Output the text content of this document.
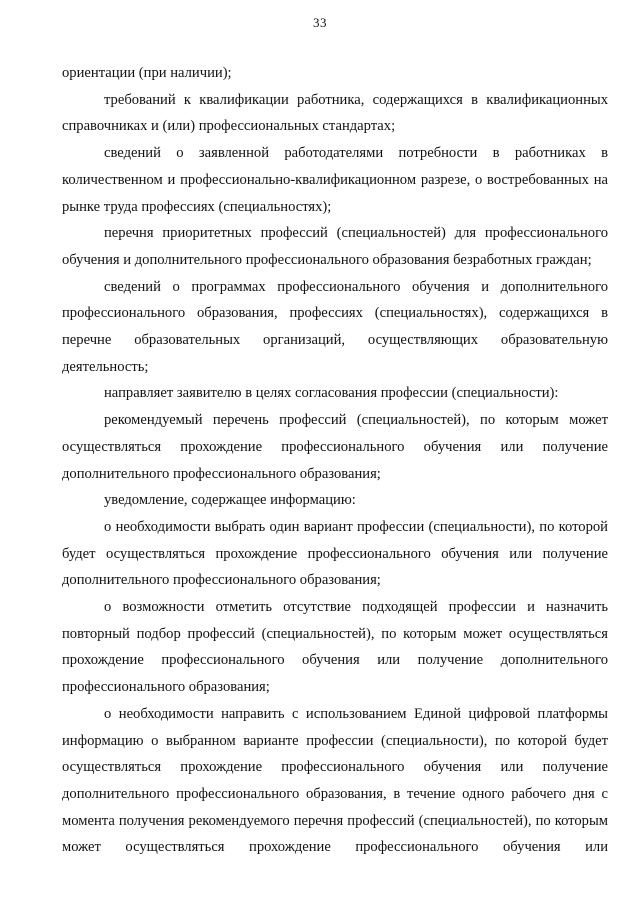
33

ориентации (при наличии);

требований к квалификации работника, содержащихся в квалификационных справочниках и (или) профессиональных стандартах;

сведений о заявленной работодателями потребности в работниках в количественном и профессионально-квалификационном разрезе, о востребованных на рынке труда профессиях (специальностях);

перечня приоритетных профессий (специальностей) для профессионального обучения и дополнительного профессионального образования безработных граждан;

сведений о программах профессионального обучения и дополнительного профессионального образования, профессиях (специальностях), содержащихся в перечне образовательных организаций, осуществляющих образовательную деятельность;

направляет заявителю в целях согласования профессии (специальности):

рекомендуемый перечень профессий (специальностей), по которым может осуществляться прохождение профессионального обучения или получение дополнительного профессионального образования;

уведомление, содержащее информацию:

о необходимости выбрать один вариант профессии (специальности), по которой будет осуществляться прохождение профессионального обучения или получение дополнительного профессионального образования;

о возможности отметить отсутствие подходящей профессии и назначить повторный подбор профессий (специальностей), по которым может осуществляться прохождение профессионального обучения или получение дополнительного профессионального образования;

о необходимости направить с использованием Единой цифровой платформы информацию о выбранном варианте профессии (специальности), по которой будет осуществляться прохождение профессионального обучения или получение дополнительного профессионального образования, в течение одного рабочего дня с момента получения рекомендуемого перечня профессий (специальностей), по которым может осуществляться прохождение профессионального обучения или
